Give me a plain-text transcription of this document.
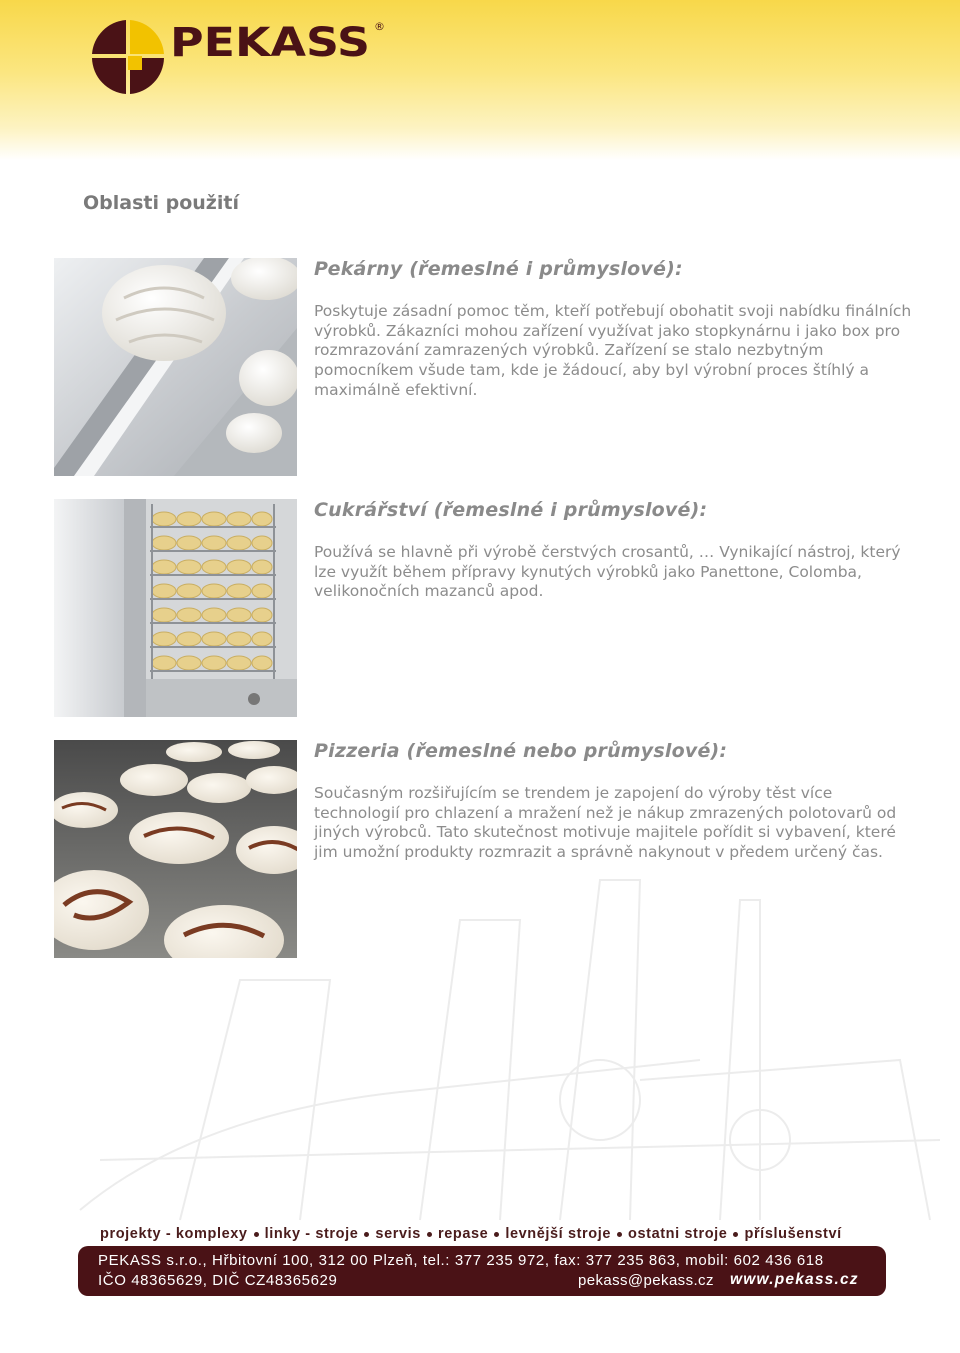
PEKASS ®
Oblasti použití
Pekárny (řemeslné i průmyslové):

Poskytuje zásadní pomoc těm, kteří potřebují obohatit svoji nabídku finálních výrobků. Zákazníci mohou zařízení využívat jako stopkynárnu i jako box pro rozmrazování zamrazených výrobků. Zařízení se stalo nezbytným pomocníkem všude tam, kde je žádoucí, aby byl výrobní proces štíhlý a maximálně efektivní.

Cukrářství (řemeslné i průmyslové):

Používá se hlavně při výrobě čerstvých crosantů, … Vynikající nástroj, který lze využít během přípravy kynutých výrobků jako Panettone, Colomba, velikonočních mazanců apod.

Pizzeria (řemeslné nebo průmyslové):

Současným rozšiřujícím se trendem je zapojení do výroby těst více technologií pro chlazení a mražení než je nákup zmrazených polotovarů od jiných výrobců. Tato skutečnost motivuje majitele pořídit si vybavení, které jim umožní produkty rozmrazit a správně nakynout v předem určený čas.

projekty - komplexy linky - stroje servis repase levnější stroje ostatni stroje příslušenství
PEKASS s.r.o., Hřbitovní 100, 312 00 Plzeň, tel.: 377 235 972, fax: 377 235 863, mobil: 602 436 618
IČO 48365629, DIČ CZ48365629	pekass@pekass.cz www.pekass.cz
